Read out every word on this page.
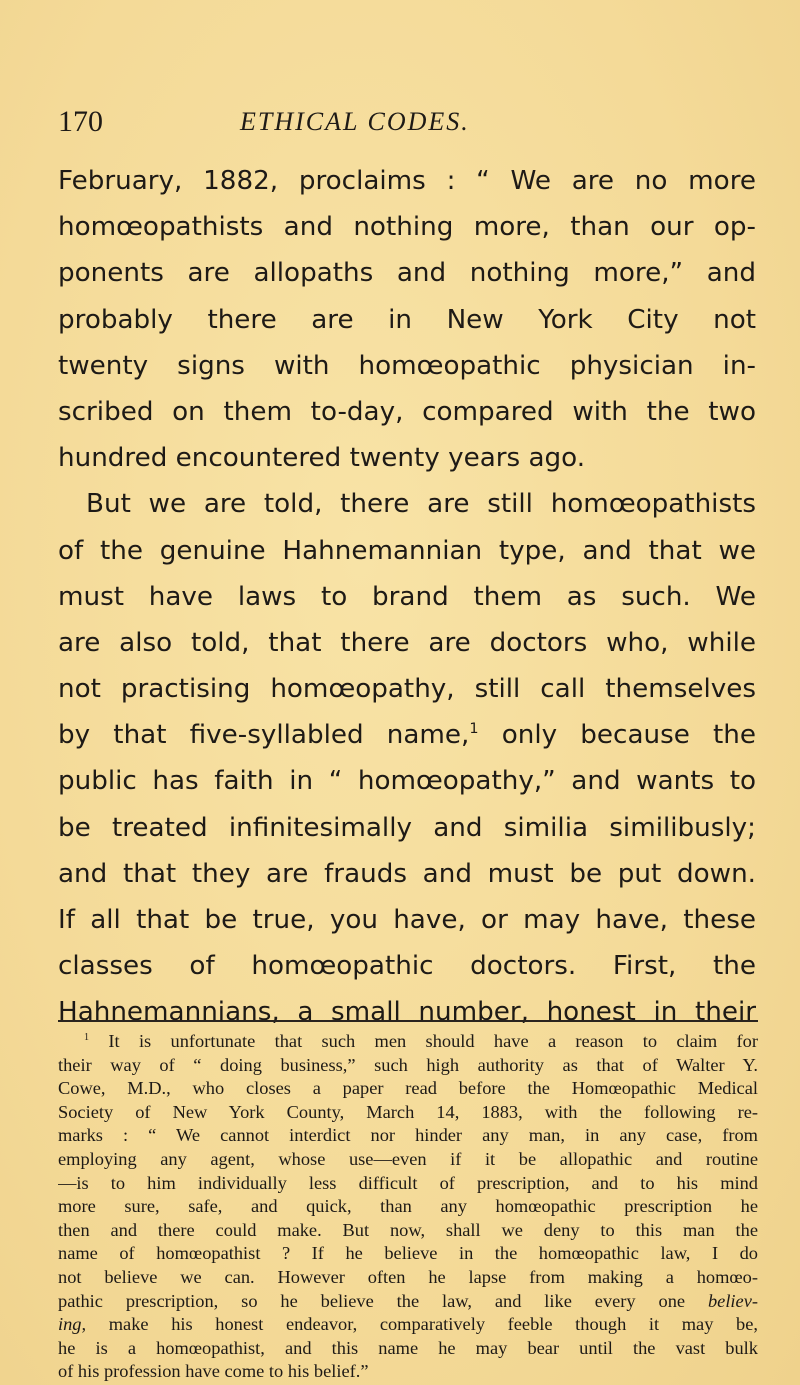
170	ETHICAL CODES.
February, 1882, proclaims : “ We are no more
homœopathists and nothing more, than our op-
ponents are allopaths and nothing more,” and
probably there are in New York City not
twenty signs with homœopathic physician in-
scribed on them to-day, compared with the two
hundred encountered twenty years ago.
But we are told, there are still homœopathists
of the genuine Hahnemannian type, and that we
must have laws to brand them as such. We
are also told, that there are doctors who, while
not practising homœopathy, still call themselves
by that five-syllabled name,$^1$ only because the
public has faith in “ homœopathy,” and wants to
be treated infinitesimally and similia similibusly;
and that they are frauds and must be put down.
If all that be true, you have, or may have, these
classes of homœopathic doctors. First, the
Hahnemannians, a small number, honest in their
$^1$ It is unfortunate that such men should have a reason to claim for
their way of “ doing business,” such high authority as that of Walter Y.
Cowe, M.D., who closes a paper read before the Homœopathic Medical
Society of New York County, March 14, 1883, with the following re-
marks : “ We cannot interdict nor hinder any man, in any case, from
employing any agent, whose use—even if it be allopathic and routine
—is to him individually less difficult of prescription, and to his mind
more sure, safe, and quick, than any homœopathic prescription he
then and there could make. But now, shall we deny to this man the
name of homœopathist ? If he believe in the homœopathic law, I do
not believe we can. However often he lapse from making a homœo-
pathic prescription, so he believe the law, and like every one believ-
ing, make his honest endeavor, comparatively feeble though it may be,
he is a homœopathist, and this name he may bear until the vast bulk
of his profession have come to his belief.”
